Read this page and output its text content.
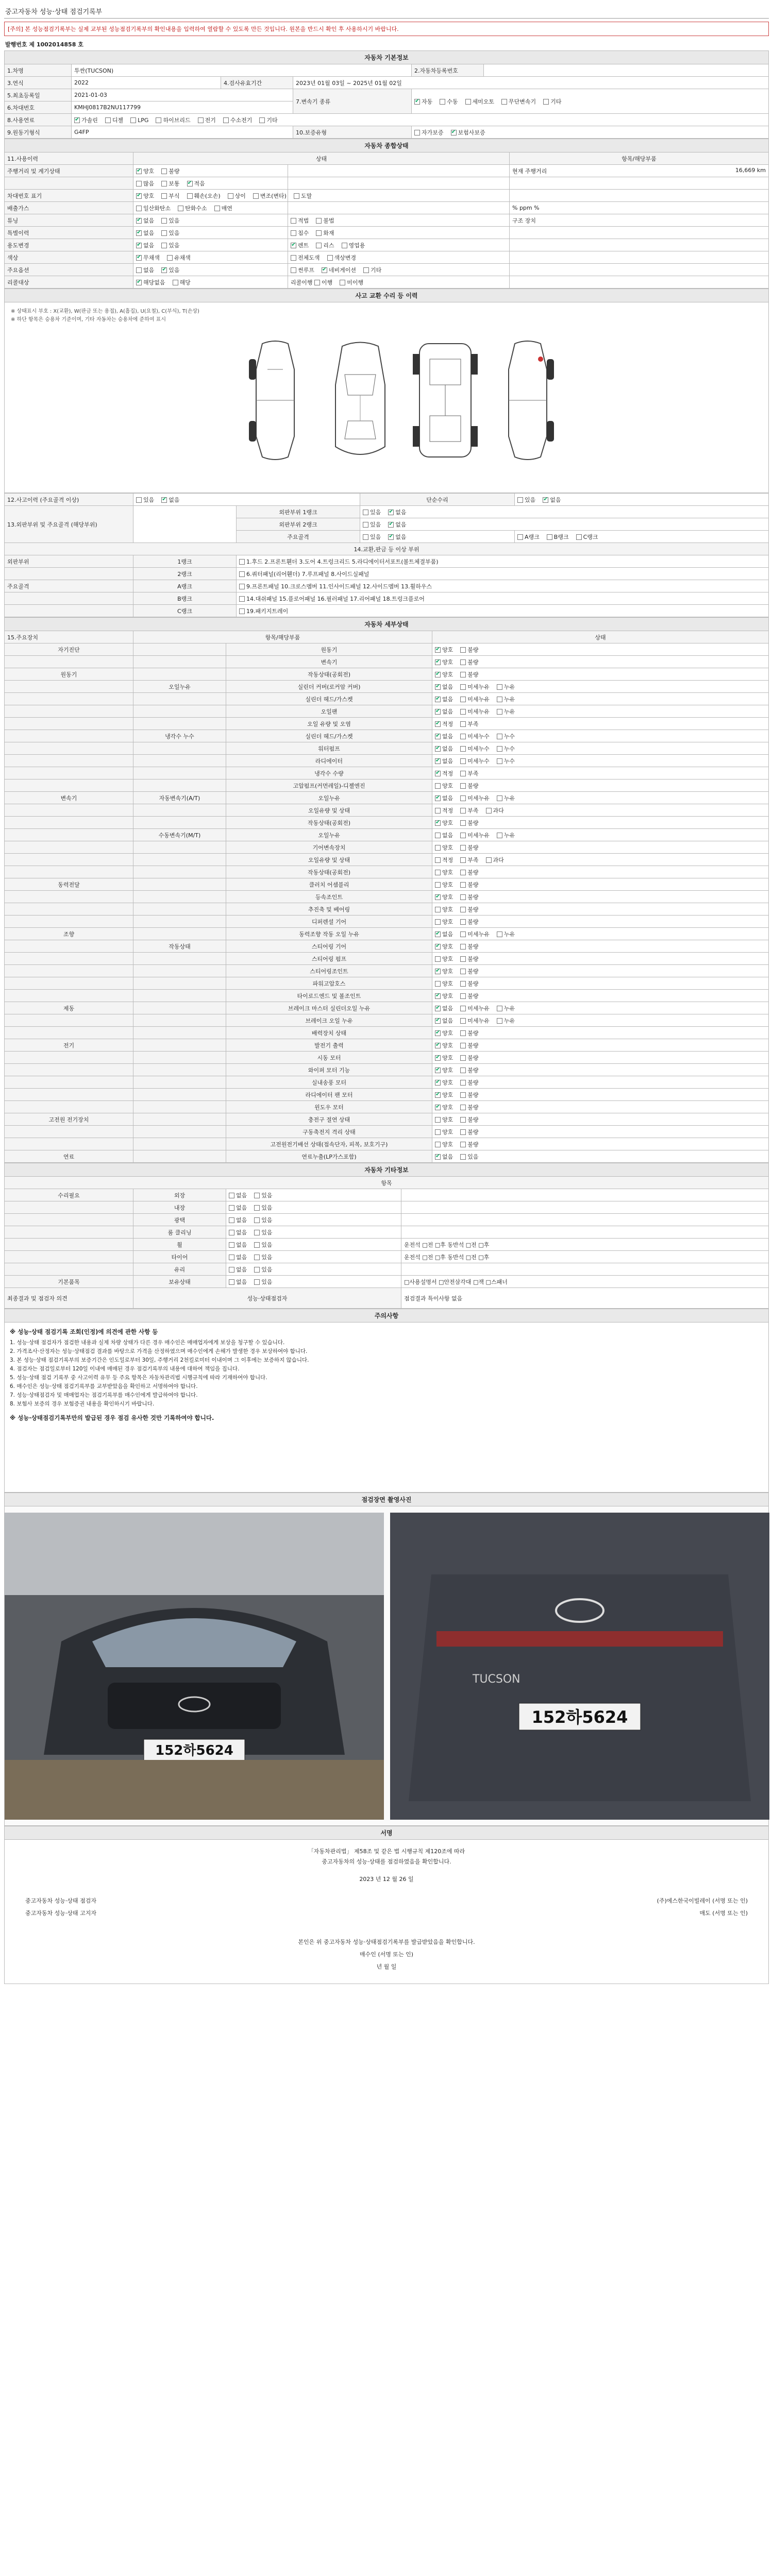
중고자동차 성능·상태 점검기록부
[주의] 본 성능점검기록부는 실제 교부된 성능점검기록부의 확인내용을 입력하여 열람할 수 있도록 만든 것입니다. 원본을 반드시 확인 후 사용하시기 바랍니다.
발행번호 제 1002014858 호
자동차 기본정보					
1.차명	투싼(TUCSON)			2.자동차등록번호	
3.연식	2022	4.검사유효기간	2023년 01월 03일 ~ 2025년 01월 02일		
5.최초등록일	2021-01-03		7.변속기 종류	✔자동 수동 세미오토 무단변속기 기타
6.차대번호	KMHJ0817B2NU117799				
8.사용연료	✔가솔린 디젤 LPG 하이브리드 전기 수소전기 기타
9.원동기형식	G4FP		10.보증유형	자가보증 ✔ 보험사보증
자동차 종합상태			
11.사용이력	상태		항목/해당부품
주행거리 및 계기상태	✔양호 불량		현재 주행거리 16,669 km

	많음 보통 ✔ 적음		

차대번호 표기	✔양호 부식 훼손(오손) 상이 변조(변타) 도말		

배출가스	일산화탄소 탄화수소 매연		% ppm %

튜닝	✔없음 있음	적법 불법	구조 장치

특별이력	✔없음 있음	침수 화재	

용도변경	✔없음 있음	✔렌트 리스 영업용	

색상	✔무채색 유채색	전체도색 색상변경	

주요옵션	없음 ✔ 있음	썬루프 ✔ 네비게이션 기타	

리콜대상	✔해당없음 해당	리콜이행 이행 미이행	
사고 교환 수리 등 이력
※ 상태표시 부호 : X(교환), W(판금 또는 용접), A(흠집), U(요철), C(부식), T(손상)
※ 하단 항목은 승용차 기준이며, 기타 자동차는 승용차에 준하여 표시
12.사고이력 (주요골격 이상)	있음 ✔ 없음		단순수리	있음 ✔ 없음
13.외판부위 및 주요골격 (해당부위)		외판부위 1랭크	있음 ✔ 없음
		외판부위 2랭크	있음 ✔ 없음
		주요골격	있음 ✔ 없음	A랭크 B랭크 C랭크
14.교환,판금 등 이상 부위				
외판부위	1랭크	1.후드 2.프론트휀더 3.도어 4.트렁크리드 5.라디에이터서포트(볼트체결부품)		
	2랭크	6.쿼터패널(리어휀더) 7.루프패널 8.사이드실패널		
주요골격	A랭크	9.프론트패널 10.크로스멤버 11.인사이드패널 12.사이드멤버 13.휠하우스		
	B랭크	14.대쉬패널 15.플로어패널 16.필러패널 17.리어패널 18.트렁크플로어		
	C랭크	19.패키지트레이		
자동차 세부상태			
15.주요장치	항목/해당부품		상태
자기진단		원동기	✔양호 불량
		변속기	✔양호 불량
원동기		작동상태(공회전)	✔양호 불량
	오일누유	실린더 커버(로커암 커버)	✔없음 미세누유 누유
		실린더 헤드/가스켓	✔없음 미세누유 누유
		오일팬	✔없음 미세누유 누유
		오일 유량 및 오염	✔적정 부족
	냉각수 누수	실린더 헤드/가스켓	✔없음 미세누수 누수
		워터펌프	✔없음 미세누수 누수
		라디에이터	✔없음 미세누수 누수
		냉각수 수량	✔적정 부족
		고압펌프(커먼레일)-디젤엔진	양호 불량
변속기	자동변속기(A/T)	오일누유	✔없음 미세누유 누유
		오일유량 및 상태	적정 부족 과다
		작동상태(공회전)	✔양호 불량
	수동변속기(M/T)	오일누유	없음 미세누유 누유
		기어변속장치	양호 불량
		오일유량 및 상태	적정 부족 과다
		작동상태(공회전)	양호 불량
동력전달		클러치 어셈블리	양호 불량
		등속조인트	✔양호 불량
		추진축 및 베어링	양호 불량
		디퍼렌셜 기어	양호 불량
조향		동력조향 작동 오일 누유	✔없음 미세누유 누유
	작동상태	스티어링 기어	✔양호 불량
		스티어링 펌프	양호 불량
		스티어링조인트	✔양호 불량
		파워고압호스	양호 불량
		타이로드엔드 및 볼조인트	✔양호 불량
제동		브레이크 마스터 실린더오일 누유	✔없음 미세누유 누유
		브레이크 오일 누유	✔없음 미세누유 누유
		배력장치 상태	✔양호 불량
전기		발전기 출력	✔양호 불량
		시동 모터	✔양호 불량
		와이퍼 모터 기능	✔양호 불량
		실내송풍 모터	✔양호 불량
		라디에이터 팬 모터	✔양호 불량
		윈도우 모터	✔양호 불량
고전원 전기장치		충전구 절연 상태	양호 불량
		구동축전지 격리 상태	양호 불량
		고전원전기배선 상태(접속단자, 피복, 보호기구)	양호 불량
연료		연료누출(LP가스포함)	✔없음 있음
자동차 기타정보			
항목			
수리필요	외장	없음 있음	
	내장	없음 있음	
	광택	없음 있음	
	룸 클리닝	없음 있음	
	휠	없음 있음	운전석 □전 □후 동반석 □전 □후
	타이어	없음 있음	운전석 □전 □후 동반석 □전 □후
	유리	없음 있음	
기본품목	보유상태	없음 있음	□사용설명서 □안전삼각대 □잭 □스패너
최종결과 및 점검자 의견	성능·상태점검자		점검결과 특이사항 없음
주의사항
※ 성능·상태 점검기록 조회(인정)에 의견에 관한 사항 등
1. 성능·상태 점검자가 점검한 내용과 실제 차량 상태가 다른 경우 매수인은 매매업자에게 보상을 청구할 수 있습니다.
2. 가격조사·산정자는 성능·상태점검 결과를 바탕으로 가격을 산정하였으며 매수인에게 손해가 발생한 경우 보상하여야 합니다.
3. 본 성능·상태 점검기록부의 보증기간은 인도일로부터 30일, 주행거리 2천킬로미터 이내이며 그 이후에는 보증하지 않습니다.
4. 점검자는 점검일로부터 120일 이내에 매매된 경우 점검기록부의 내용에 대하여 책임을 집니다.
5. 성능·상태 점검 기록부 중 사고이력 유무 등 주요 항목은 자동차관리법 시행규칙에 따라 기재하여야 합니다.
6. 매수인은 성능·상태 점검기록부를 교부받았음을 확인하고 서명하여야 합니다.
7. 성능·상태점검자 및 매매업자는 점검기록부를 매수인에게 발급하여야 합니다.
8. 보험사 보증의 경우 보험증권 내용을 확인하시기 바랍니다.
※ 성능·상태점검기록부만의 발급된 경우 점검 유사한 것만 기록하여야 합니다.
점검장면 촬영사진
152하5624
TUCSON
152하5624
서명
「자동차관리법」 제58조 및 같은 법 시행규칙 제120조에 따라
중고자동차의 성능·상태를 점검하였음을 확인합니다.
2023 년 12 월 26 일
중고자동차 성능·상태 점검자	(주)에스한국이빌레이 (서명 또는 인)
중고자동차 성능·상태 고지자	매도 (서명 또는 인)
본인은 위 중고자동차 성능·상태점검기록부를 발급받았음을 확인합니다.
매수인 (서명 또는 인)
년 월 일
